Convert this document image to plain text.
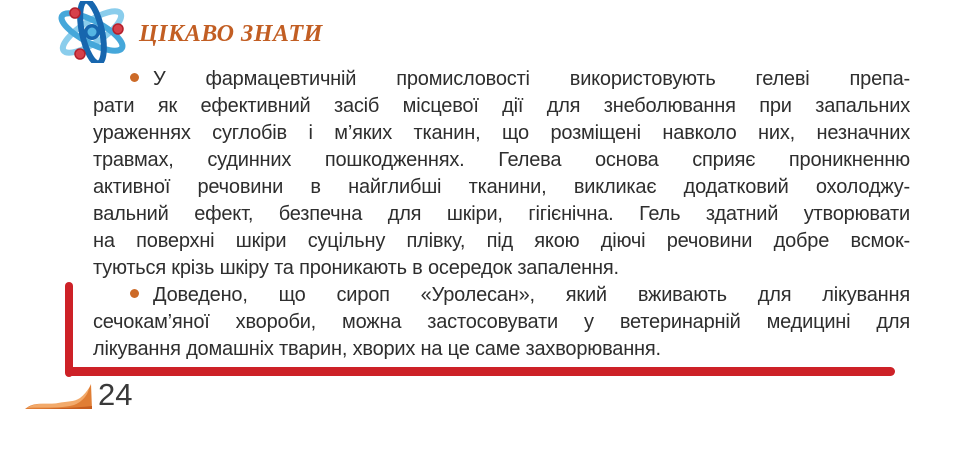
ЦІКАВО ЗНАТИ
У фармацевтичній промисловості використовують гелеві препа-
рати як ефективний засіб місцевої дії для знеболювання при запальних
ураженнях суглобів і м’яких тканин, що розміщені навколо них, незначних
травмах, судинних пошкодженнях. Гелева основа сприяє проникненню
активної речовини в найглибші тканини, викликає додатковий охолоджу-
вальний ефект, безпечна для шкіри, гігієнічна. Гель здатний утворювати
на поверхні шкіри суцільну плівку, під якою діючі речовини добре всмок-
туються крізь шкіру та проникають в осередок запалення.
Доведено, що сироп «Уролесан», який вживають для лікування
сечокам’яної хвороби, можна застосовувати у ветеринарній медицині для
лікування домашніх тварин, хворих на це саме захворювання.
24
